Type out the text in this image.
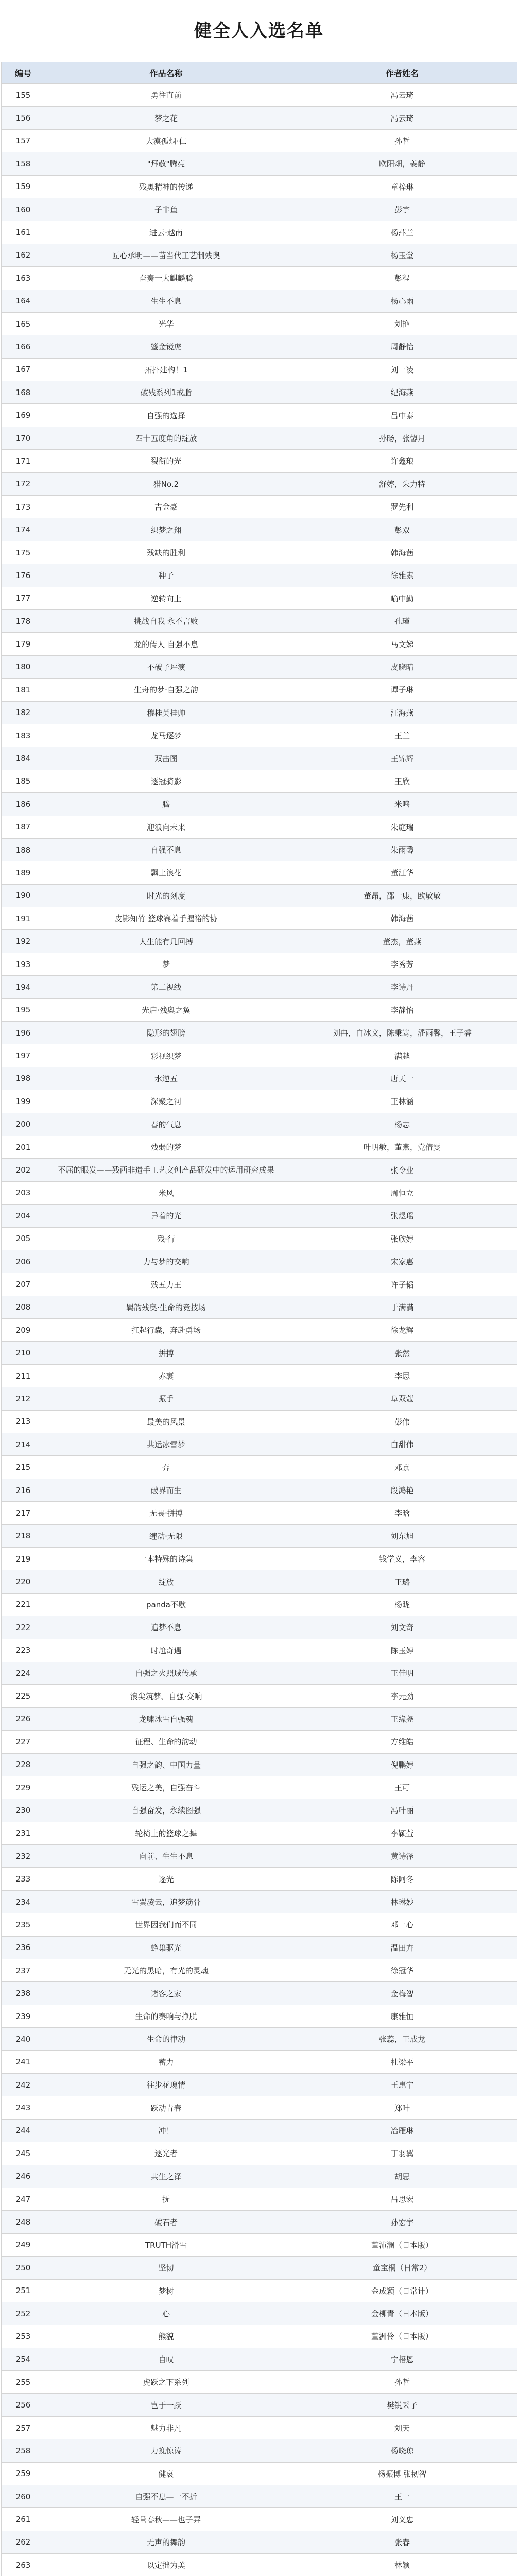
健全人入选名单
编号	作品名称	作者姓名
155	勇往直前	冯云琦
156	梦之花	冯云琦
157	大漠孤烟·仁	孙哲
158	"拜敬"腾亮	欧阳畑，姜静
159	残奥精神的传递	章梓琳
160	子非鱼	彭宇
161	进云·越南	杨萍兰
162	匠心承明——苗当代工艺制残奥	杨玉堂
163	奋奏一大麒麟腾	彭程
164	生生不息	杨心雨
165	光华	刘艳
166	鎏金镜虎	周静怡
167	拓扑建构！1	刘一凌
168	破残系列1戒脂	纪海燕
169	自强的选择	吕中泰
170	四十五度角的绽放	孙旸，张馨月
171	裂衔的光	许鑫琅
172	猎No.2	舒婷，朱力特
173	吉金豪	罗先利
174	织梦之翔	彭双
175	残缺的胜利	韩海茜
176	种子	徐雅素
177	逆转向上	喻中勤
178	挑战自我 永不言败	孔瑾
179	龙的传人 自强不息	马文娣
180	不破子坪演	皮晓晴
181	生舟的梦·自强之韵	谭子琳
182	穆桂英挂帅	汪海燕
183	龙马逐梦	王兰
184	双击图	王锦辉
185	逐冠骑影	王欣
186	腾	米鸣
187	迎浪向未来	朱庭瑞
188	自强不息	朱雨馨
189	飘上浪花	董江华
190	时光的刻度	董昂，邵一康，欧敏敏
191	皮影知竹 篮球赛着手握裕的协	韩海茜
192	人生能有几回搏	董杰，董燕
193	梦	李秀芳
194	第二视线	李诗丹
195	光启·残奥之翼	李静怡
196	隐形的翅膀	刘冉，白冰文，陈秉寒，潘雨馨，王子睿
197	彩视织梦	满越
198	水逆五	唐天一
199	深聚之河	王林涵
200	春的气息	杨志
201	残弱的梦	叶明敏，董燕，党倩雯
202	不屈的眼发——残西非遗手工艺文创产品研发中的运用研究成果	张令业
203	米风	周恒立
204	异着的光	张煜瑶
205	残·行	张欣婷
206	力与梦的交响	宋家惠
207	残五力王	许子韬
208	羁韵残奥·生命的竞技场	于满满
209	扛起行囊，奔赴勇场	徐龙辉
210	拼搏	张然
211	赤裹	李思
212	振手	阜双蔻
213	最美的风景	彭伟
214	共运冰雪梦	白甜伟
215	奔	邓京
216	破界而生	段鸿艳
217	无畏·拼搏	李晗
218	缠动·无限	刘东旭
219	一本特殊的诗集	钱学义，李容
220	绽放	王璐
221	panda不歇	杨眬
222	追梦不息	刘文奇
223	时尬奇遇	陈玉婷
224	自强之火照域传承	王佳明
225	浪尖筑梦、自强·交响	李元劲
226	龙啸冰雪自强魂	王缘尧
227	征程、生命的韵动	方维皓
228	自强之韵、中国力量	倪鹏婷
229	残运之美，自强奋斗	王可
230	自强奋发，永续图强	冯叶丽
231	轮椅上的篮球之舞	李颖萱
232	向前、生生不息	黄诗泽
233	逐光	陈阿冬
234	雪翼凌云，追梦筋骨	林琳妙
235	世界因我们而不同	邓一心
236	蜂巢驱光	温田卉
237	无光的黑暗，有光的灵魂	徐冠华
238	诸客之家	金梅智
239	生命的奏响与挣脱	康雅恒
240	生命的律动	张蕊，王成龙
241	蓄力	杜梁平
242	往步花瑰情	王惠宁
243	跃动青春	郑叶
244	冲！	冶雁琳
245	逐光者	丁羽翼
246	共生之泽	胡思
247	抚	吕思宏
248	破石者	孙宏宇
249	TRUTH滑雪	董沛澜（日本版）
250	坚韧	童宝桐（日常2）
251	梦树	金成颖（日常计）
252	心	金柳青（日本版）
253	熊貌	董洲伶（日本版）
254	自叹	宁梧恩
255	虎跃之下系列	孙哲
256	岂于一跃	樊锐采子
257	魅力非凡	刘天
258	力挽惊涛	杨晓琼
259	健哀	杨振博 张韧智
260	自强不息—一不折	王一
261	轻量春秋——也子弄	刘义忠
262	无声的舞韵	张春
263	以定拙为美	林颖
